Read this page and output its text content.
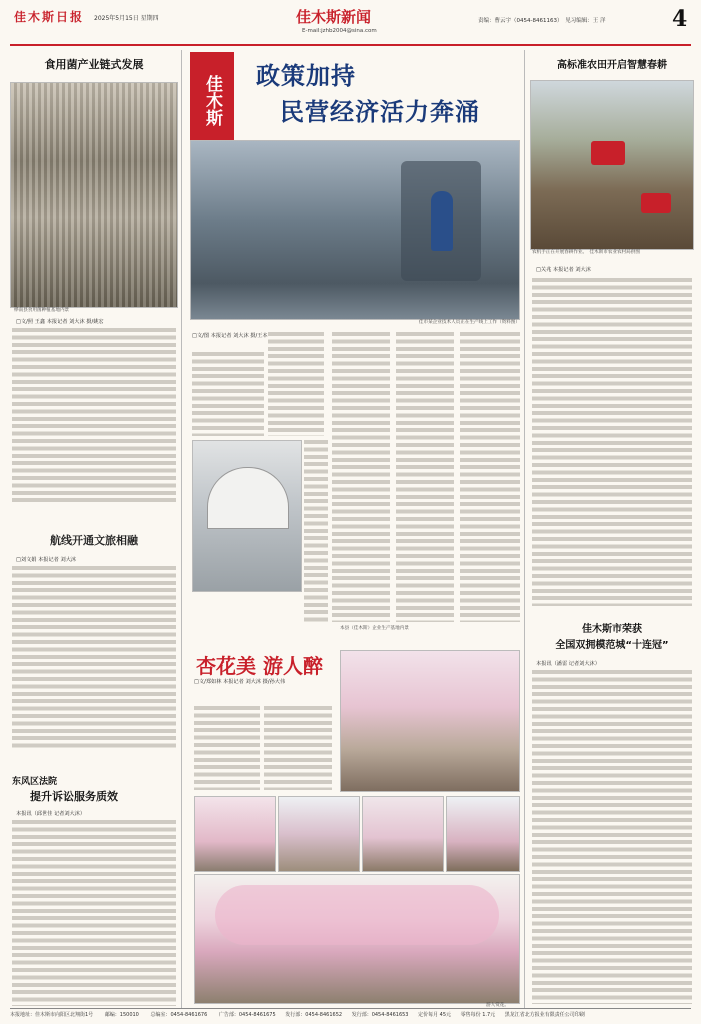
佳木斯日报 2025年5月15日 星期四	佳木斯新闻
E-mail:jzhb2004@sina.com
责编：曹云宇（0454-8461163）　见习编辑：王 洋	4
食用菌产业链式发展
桦南县食用菌种植基地内景
□文/照 王鑫 本报记者 刘大沐 摄/姚宏
航线开通文旅相融
□刘文娟 本报记者 刘大沐
东风区法院
提升诉讼服务质效
本报讯（邱世佳 记者刘大沐）
佳木斯	政策加持
民营经济活力奔涌
佳市某企业技术人员正在生产线上工作（资料图）
□文/图 本报记者 刘大沐 摄/王本
本县（佳木斯）企业生产基地内景
杏花美 游人醉
□文/郑如林 本报记者 刘大沐 摄/孙大伟
游人赏花。
高标准农田开启智慧春耕
农机手正在开展春耕作业。　佳木斯市农业农村局供图
□关兆 本报记者 刘大沐
佳木斯市荣获
全国双拥模范城“十连冠”
本报讯（潘雷 记者刘大沐）
本报地址：佳木斯市向阳区北翔街1号 邮编：150010 总编室：0454-8461676 广告部：0454-8461675 发行部：0454-8461652 发行部：0454-8461653 定价每月 45元 零售每份 1.7元 黑龙江省北方报业有限责任公司印刷
